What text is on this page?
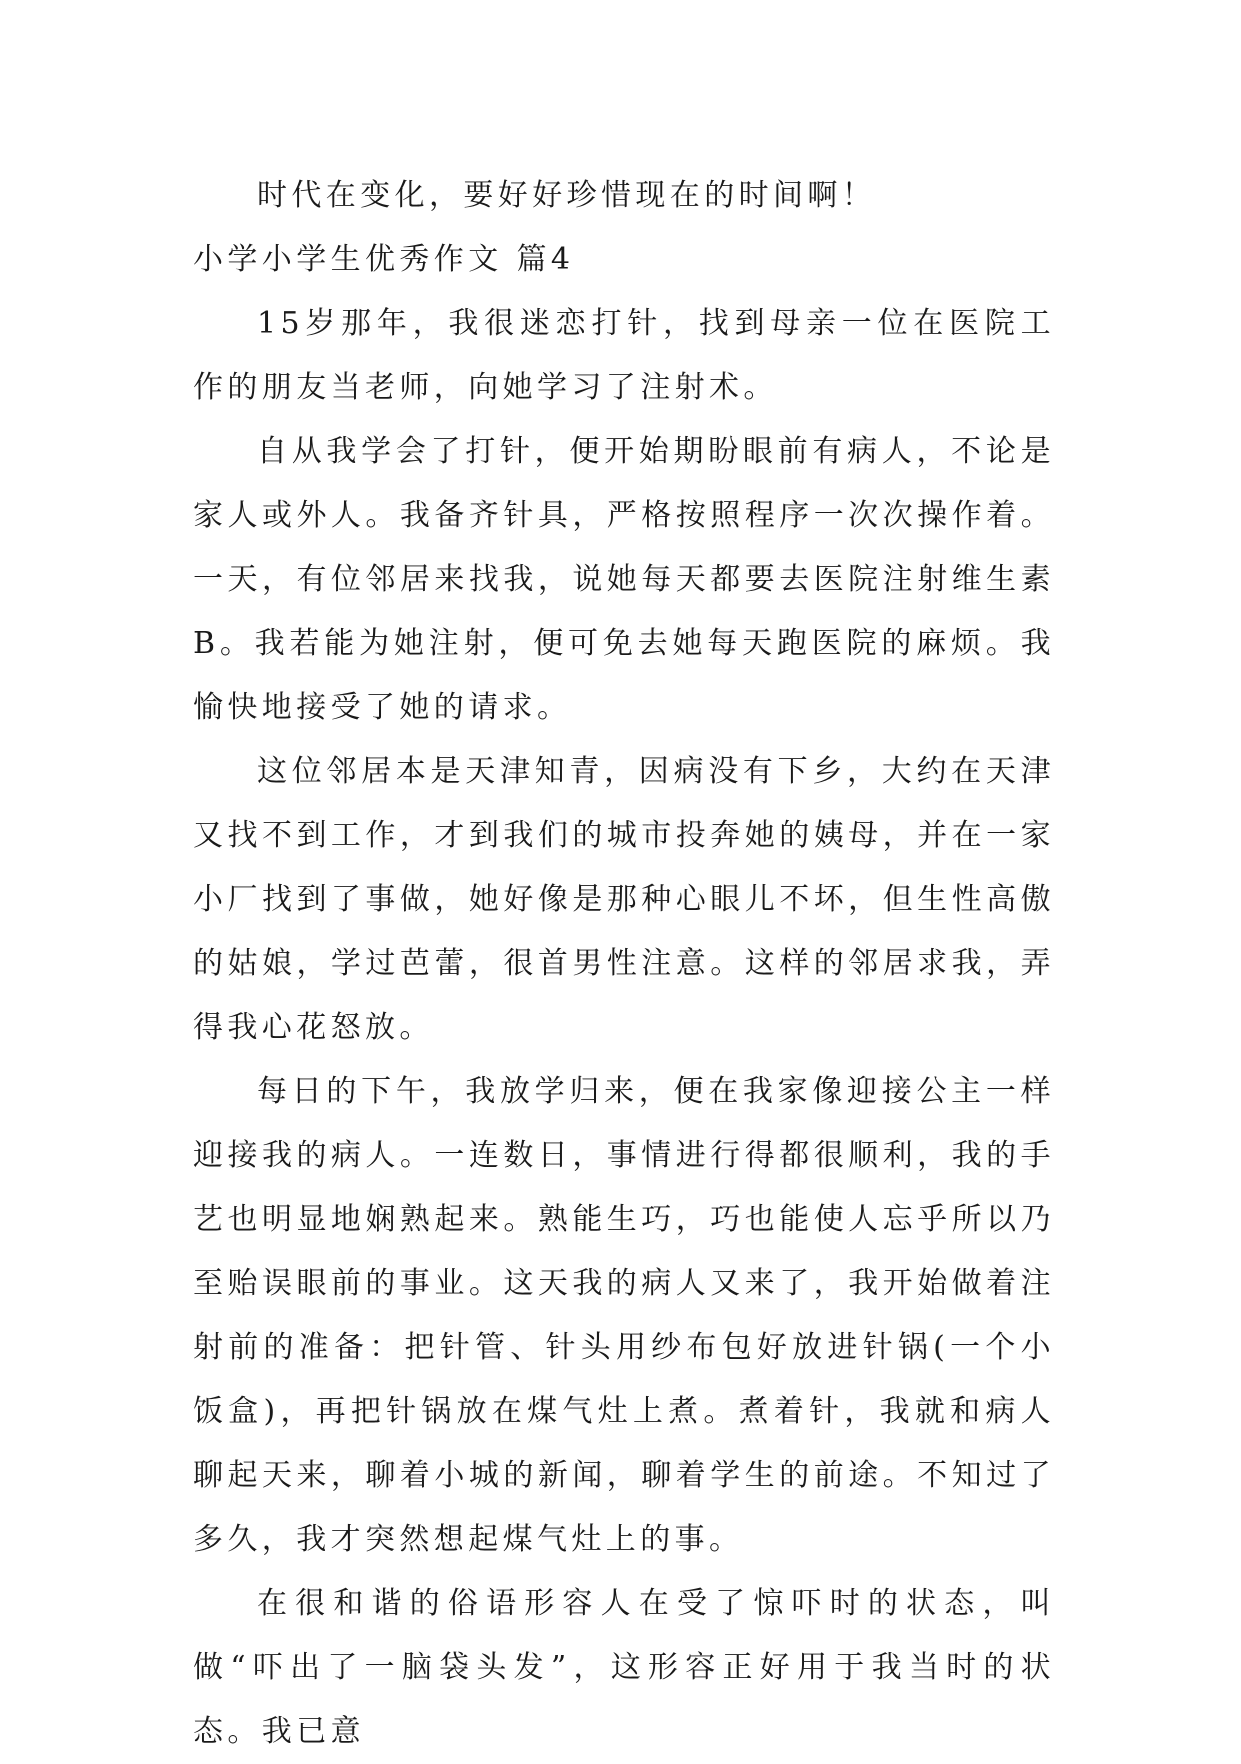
时代在变化，要好好珍惜现在的时间啊！

小学小学生优秀作文 篇4

15岁那年，我很迷恋打针，找到母亲一位在医院工作的朋友当老师，向她学习了注射术。

自从我学会了打针，便开始期盼眼前有病人，不论是家人或外人。我备齐针具，严格按照程序一次次操作着。一天，有位邻居来找我，说她每天都要去医院注射维生素B。我若能为她注射，便可免去她每天跑医院的麻烦。我愉快地接受了她的请求。

这位邻居本是天津知青，因病没有下乡，大约在天津又找不到工作，才到我们的城市投奔她的姨母，并在一家小厂找到了事做，她好像是那种心眼儿不坏，但生性高傲的姑娘，学过芭蕾，很首男性注意。这样的邻居求我，弄得我心花怒放。

每日的下午，我放学归来，便在我家像迎接公主一样迎接我的病人。一连数日，事情进行得都很顺利，我的手艺也明显地娴熟起来。熟能生巧，巧也能使人忘乎所以乃至贻误眼前的事业。这天我的病人又来了，我开始做着注射前的准备：把针管、针头用纱布包好放进针锅(一个小饭盒)，再把针锅放在煤气灶上煮。煮着针，我就和病人聊起天来，聊着小城的新闻，聊着学生的前途。不知过了多久，我才突然想起煤气灶上的事。

在很和谐的俗语形容人在受了惊吓时的状态，叫做“吓出了一脑袋头发”，这形容正好用于我当时的状态。我已意
